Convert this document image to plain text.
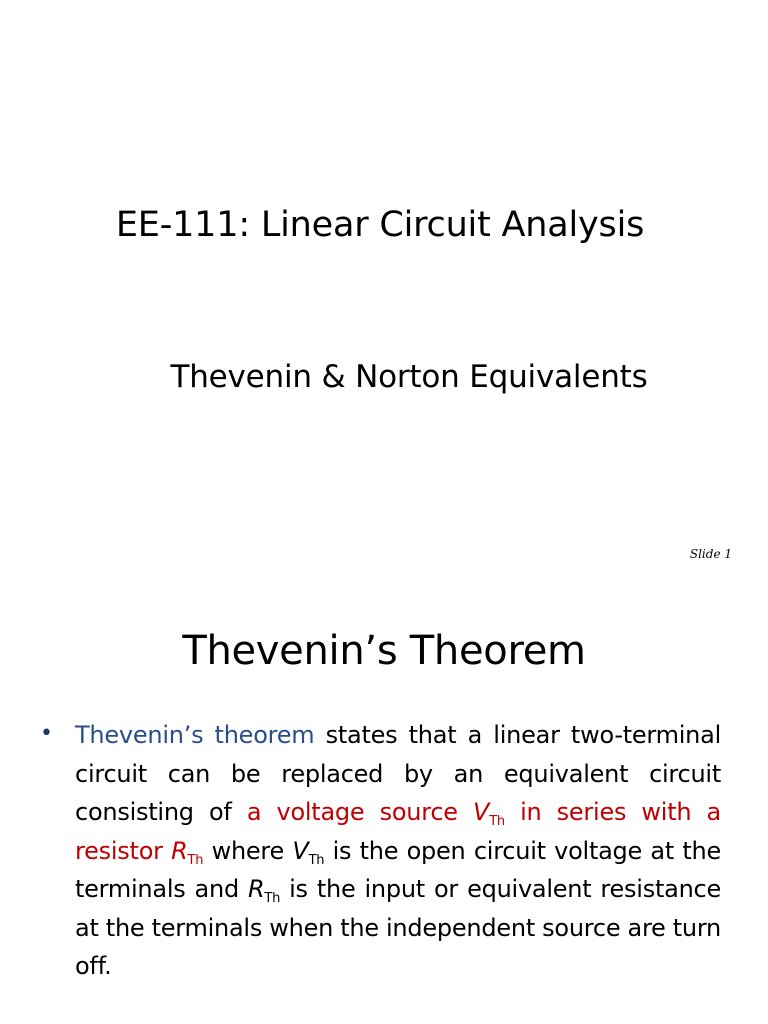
EE-111: Linear Circuit Analysis
Thevenin & Norton Equivalents
Slide 1
Thevenin’s Theorem
• Thevenin’s theorem states that a linear two-terminal circuit can be replaced by an equivalent circuit consisting of a voltage source $V_{Th}$ in series with a resistor $R_{Th}$ where $V_{Th}$ is the open circuit voltage at the terminals and $R_{Th}$ is the input or equivalent resistance at the terminals when the independent source are turn off.
